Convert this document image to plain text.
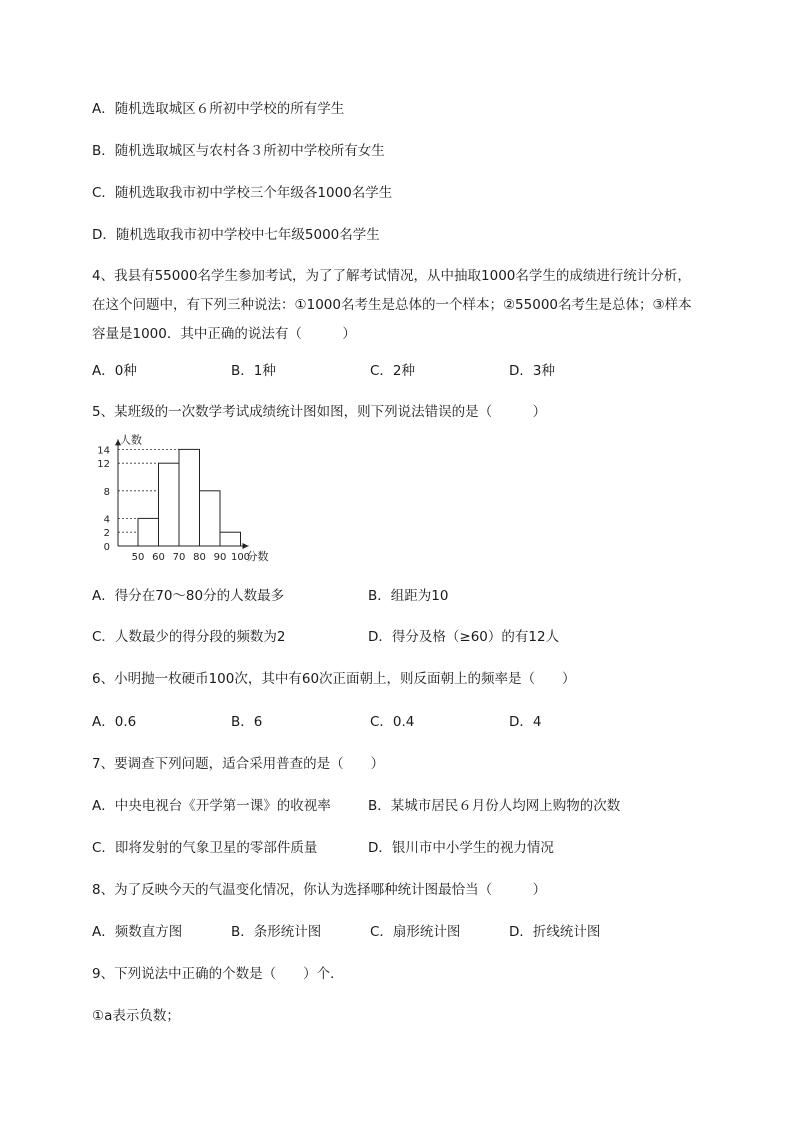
A．随机选取城区６所初中学校的所有学生
B．随机选取城区与农村各３所初中学校所有女生
C．随机选取我市初中学校三个年级各1000名学生
D．随机选取我市初中学校中七年级5000名学生
4、我县有55000名学生参加考试，为了了解考试情况，从中抽取1000名学生的成绩进行统计分析，
在这个问题中，有下列三种说法：①1000名考生是总体的一个样本；②55000名考生是总体；③样本
容量是1000．其中正确的说法有（　　　）
A．0种	B．1种	C．2种	D．3种
5、某班级的一次数学考试成绩统计图如图，则下列说法错误的是（　　　）
0
2
4
8
12
14
50 60 70 80 90 100
人数
分数
A．得分在70～80分的人数最多	B．组距为10
C．人数最少的得分段的频数为2	D．得分及格（≥60）的有12人
6、小明抛一枚硬币100次，其中有60次正面朝上，则反面朝上的频率是（　　）
A．0.6	B．6	C．0.4	D．4
7、要调查下列问题，适合采用普查的是（　　）
A．中央电视台《开学第一课》的收视率	B．某城市居民６月份人均网上购物的次数
C．即将发射的气象卫星的零部件质量	D．银川市中小学生的视力情况
8、为了反映今天的气温变化情况，你认为选择哪种统计图最恰当（　　　）
A．频数直方图	B．条形统计图	C．扇形统计图	D．折线统计图
9、下列说法中正确的个数是（　　）个．
①a表示负数；
